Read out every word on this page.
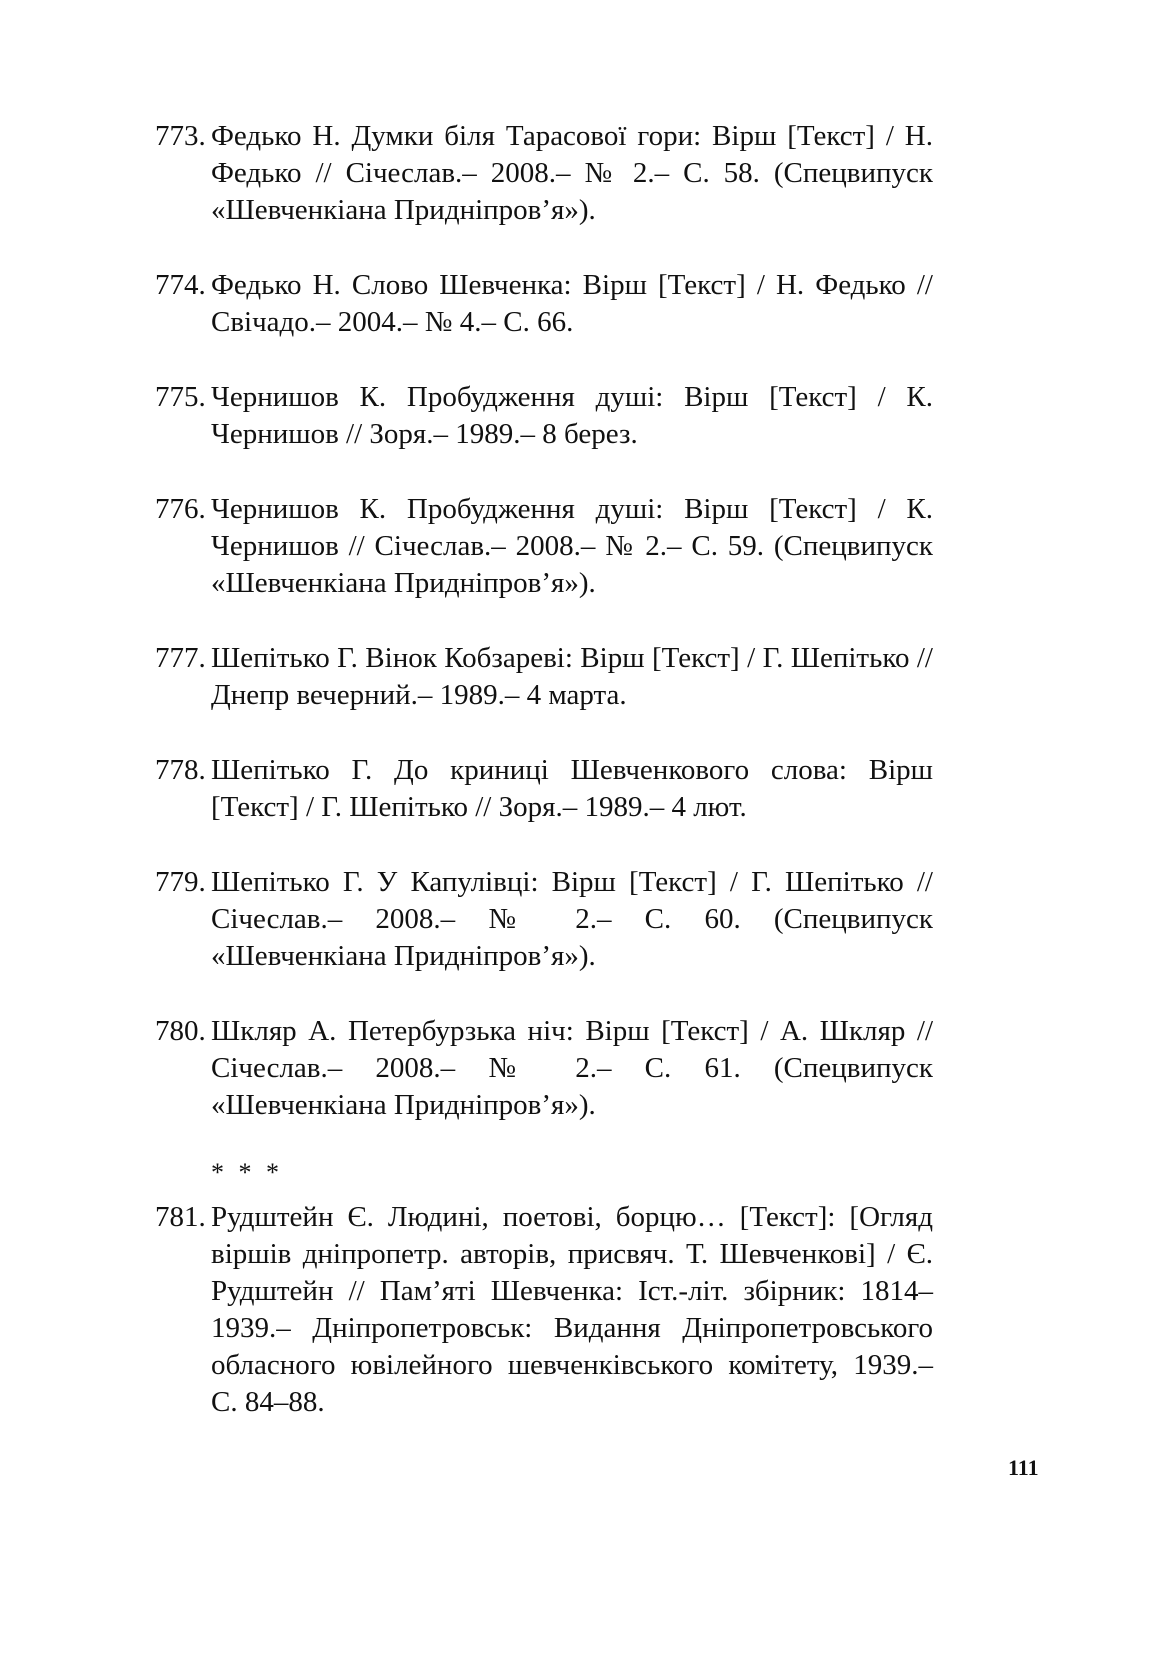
773. Федько Н. Думки біля Тарасової гори: Вірш [Текст] / Н. Федько // Січеслав.– 2008.– № 2.– С. 58. (Спецвипуск «Шевченкіана Придніпров’я»).
774. Федько Н. Слово Шевченка: Вірш [Текст] / Н. Федько // Свічадо.– 2004.– № 4.– С. 66.
775. Чернишов К. Пробудження душі: Вірш [Текст] / К. Чернишов // Зоря.– 1989.– 8 берез.
776. Чернишов К. Пробудження душі: Вірш [Текст] / К. Чернишов // Січеслав.– 2008.– № 2.– С. 59. (Спецвипуск «Шевченкіана Придніпров’я»).
777. Шепітько Г. Вінок Кобзареві: Вірш [Текст] / Г. Шепітько // Днепр вечерний.– 1989.– 4 марта.
778. Шепітько Г. До криниці Шевченкового слова: Вірш [Текст] / Г. Шепітько // Зоря.– 1989.– 4 лют.
779. Шепітько Г. У Капулівці: Вірш [Текст] / Г. Шепітько // Січеслав.– 2008.– № 2.– С. 60. (Спецвипуск «Шевченкіана Придніпров’я»).
780. Шкляр А. Петербурзька ніч: Вірш [Текст] / А. Шкляр // Січеслав.– 2008.– № 2.– С. 61. (Спецвипуск «Шевченкіана Придніпров’я»).
* * *
781. Рудштейн Є. Людині, поетові, борцю… [Текст]: [Огляд віршів дніпропетр. авторів, присвяч. Т. Шевченкові] / Є. Рудштейн // Пам’яті Шевченка: Іст.-літ. збірник: 1814–1939.– Дніпропетровськ: Видання Дніпропетровського обласного ювілейного шевченківського комітету, 1939.– С. 84–88.
111
